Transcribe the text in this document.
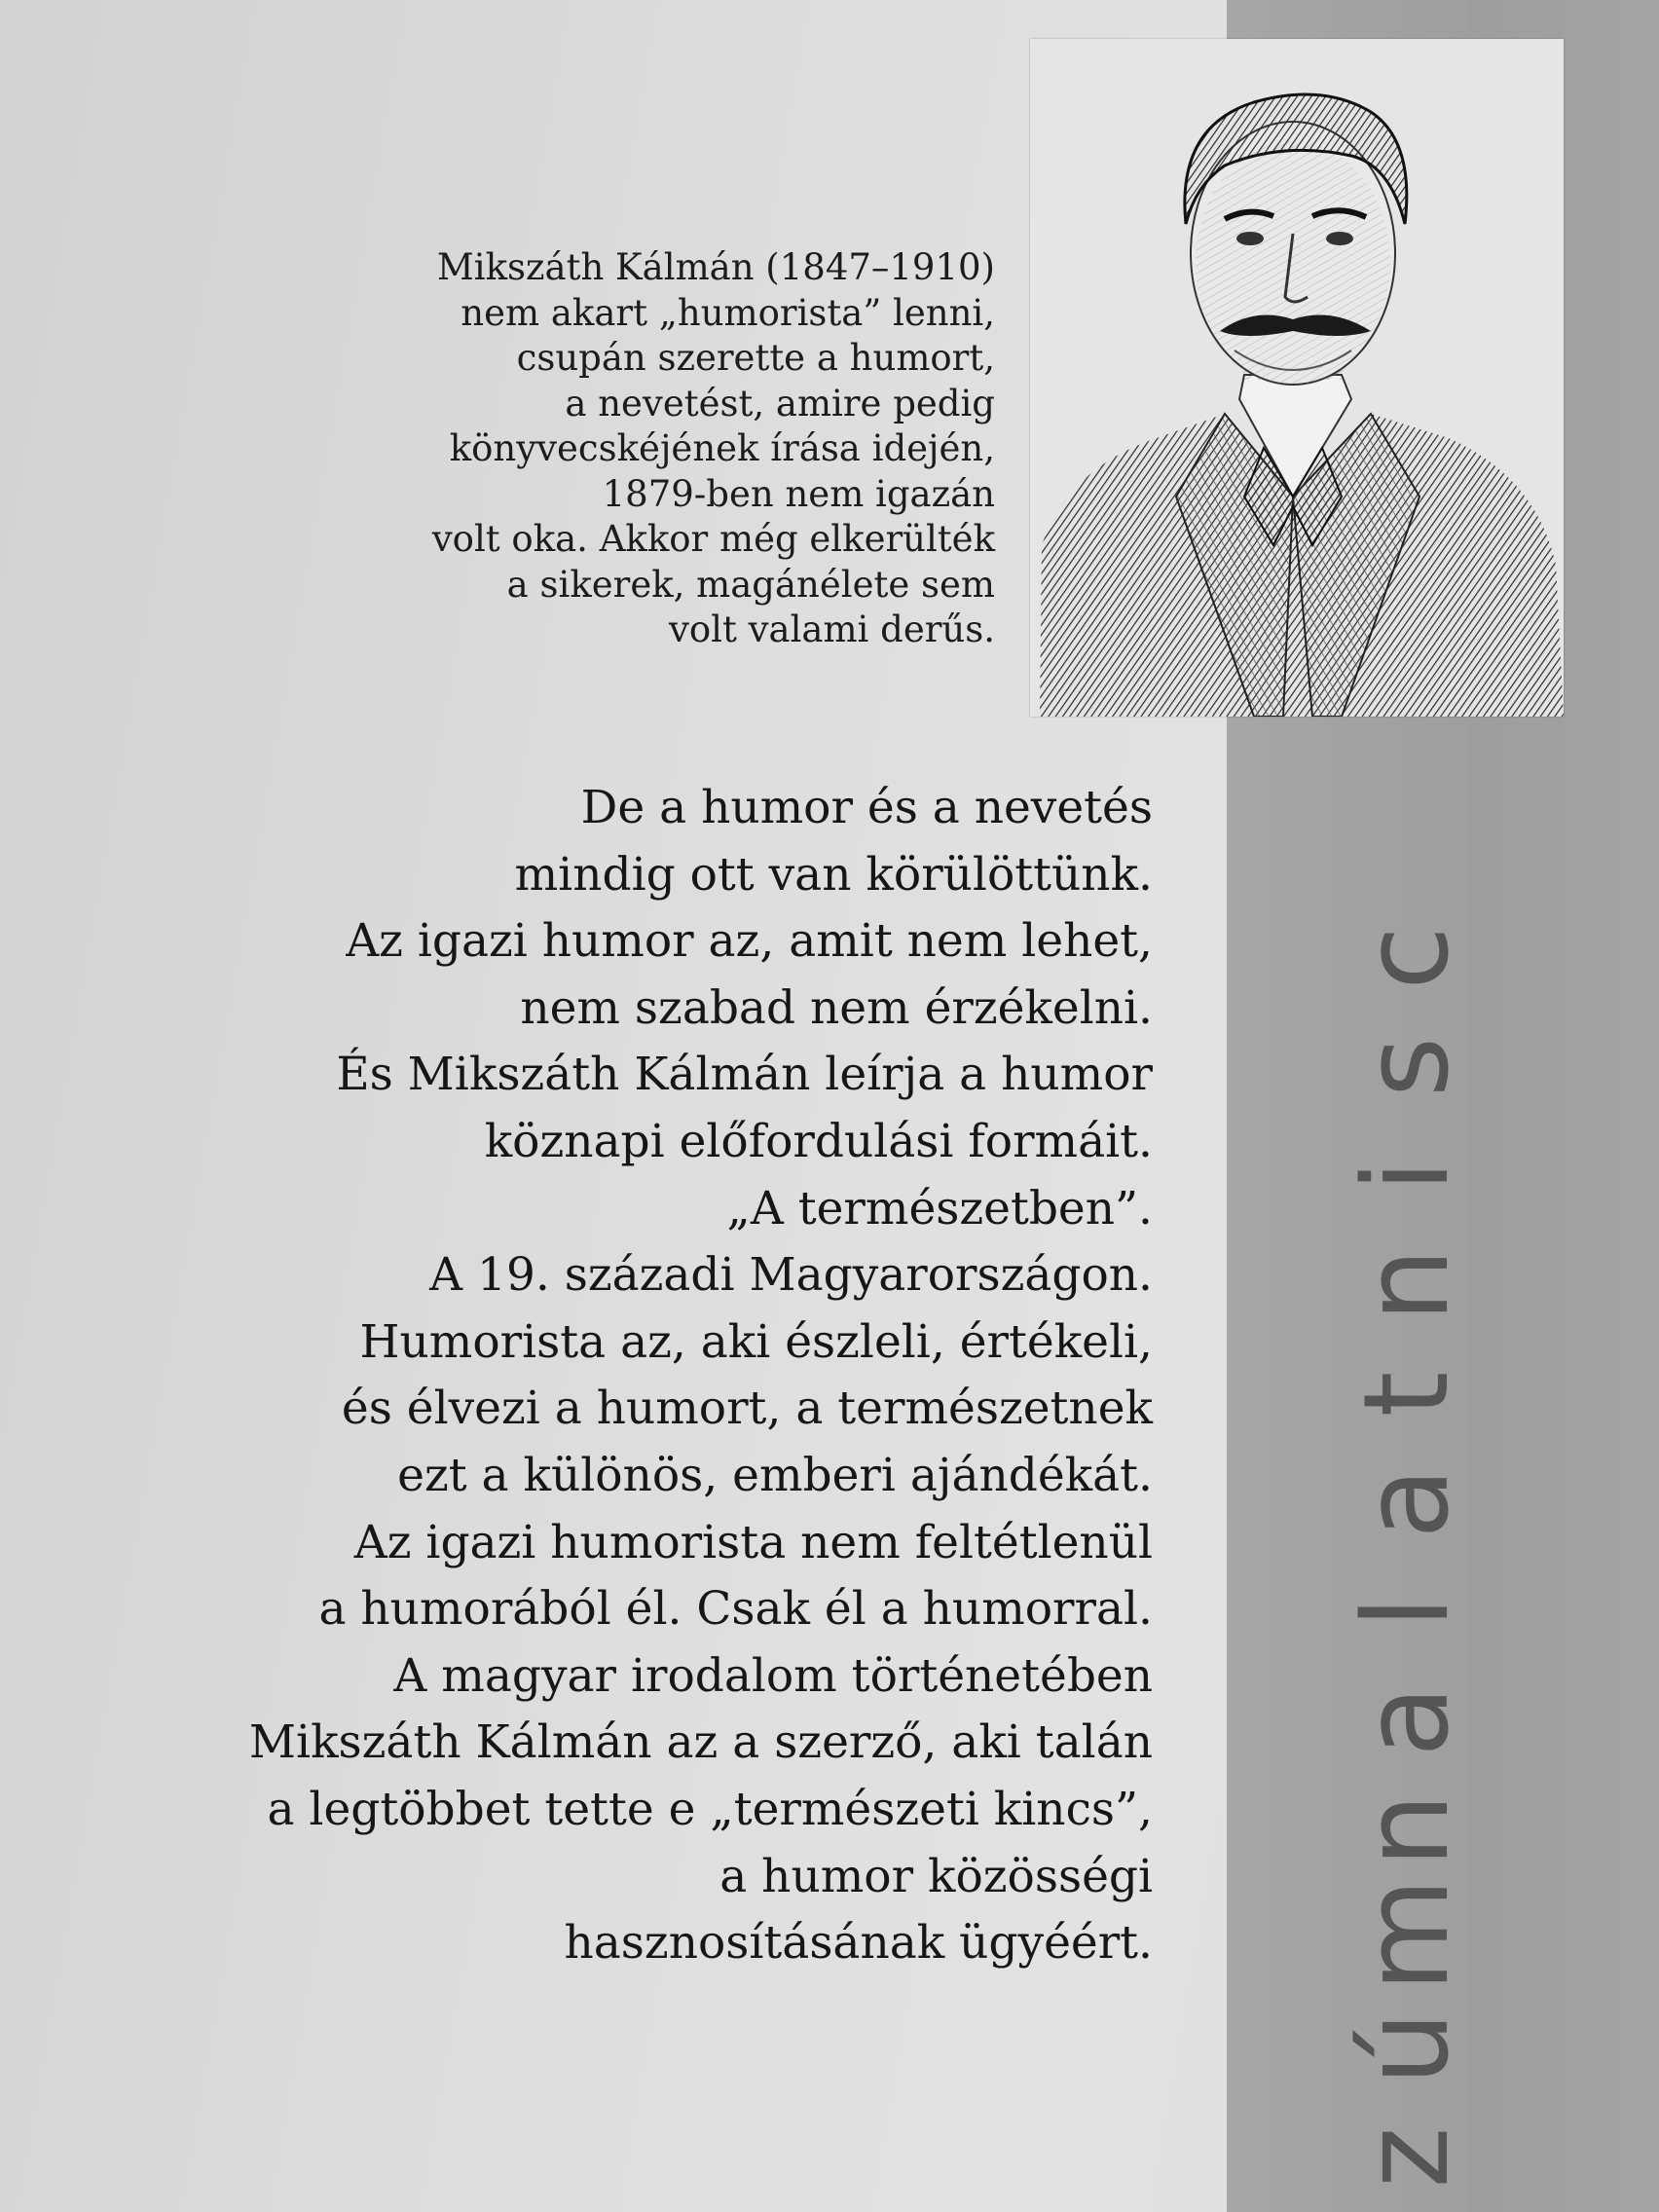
c
s
i
n
t
a
l
a
n
m
ú
z
Mikszáth Kálmán (1847–1910)
nem akart „humorista” lenni,
csupán szerette a humort,
a nevetést, amire pedig
könyvecskéjének írása idején,
1879-ben nem igazán
volt oka. Akkor még elkerülték
a sikerek, magánélete sem
volt valami derűs.
De a humor és a nevetés
mindig ott van körülöttünk.
Az igazi humor az, amit nem lehet,
nem szabad nem érzékelni.
És Mikszáth Kálmán leírja a humor
köznapi előfordulási formáit.
„A természetben”.
A 19. századi Magyarországon.
Humorista az, aki észleli, értékeli,
és élvezi a humort, a természetnek
ezt a különös, emberi ajándékát.
Az igazi humorista nem feltétlenül
a humorából él. Csak él a humorral.
A magyar irodalom történetében
Mikszáth Kálmán az a szerző, aki talán
a legtöbbet tette e „természeti kincs”,
a humor közösségi
hasznosításának ügyéért.
